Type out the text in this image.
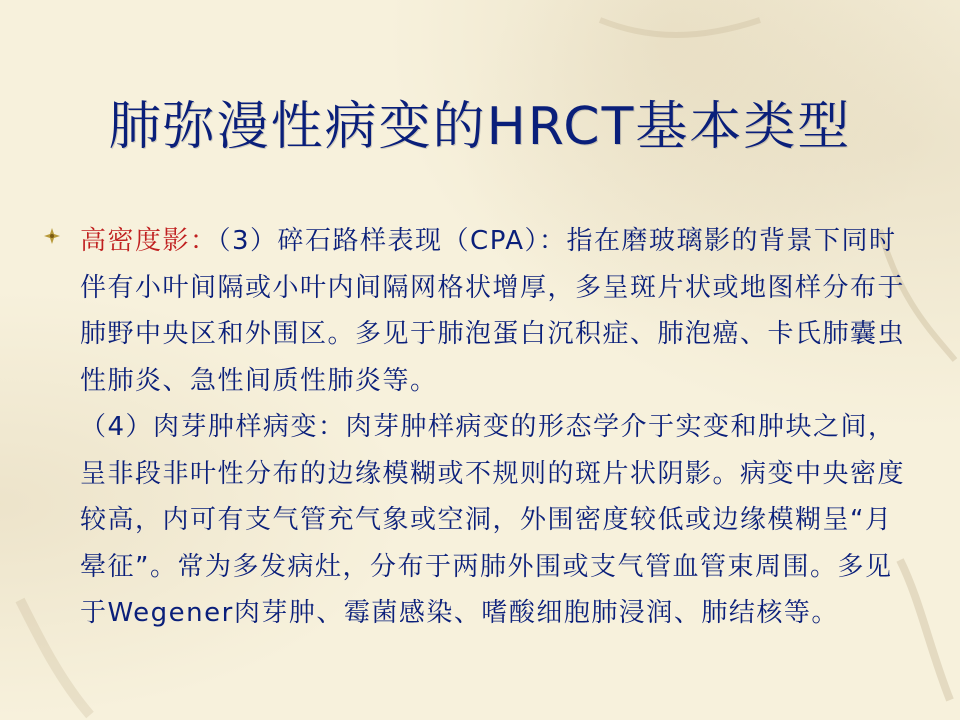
肺弥漫性病变的HRCT基本类型

高密度影：（3）碎石路样表现（CPA）：指在磨玻璃影的背景下同时伴有小叶间隔或小叶内间隔网格状增厚，多呈斑片状或地图样分布于肺野中央区和外围区。多见于肺泡蛋白沉积症、肺泡癌、卡氏肺囊虫性肺炎、急性间质性肺炎等。

（4）肉芽肿样病变：肉芽肿样病变的形态学介于实变和肿块之间，呈非段非叶性分布的边缘模糊或不规则的斑片状阴影。病变中央密度较高，内可有支气管充气象或空洞，外围密度较低或边缘模糊呈“月晕征”。常为多发病灶，分布于两肺外围或支气管血管束周围。多见于Wegener肉芽肿、霉菌感染、嗜酸细胞肺浸润、肺结核等。
